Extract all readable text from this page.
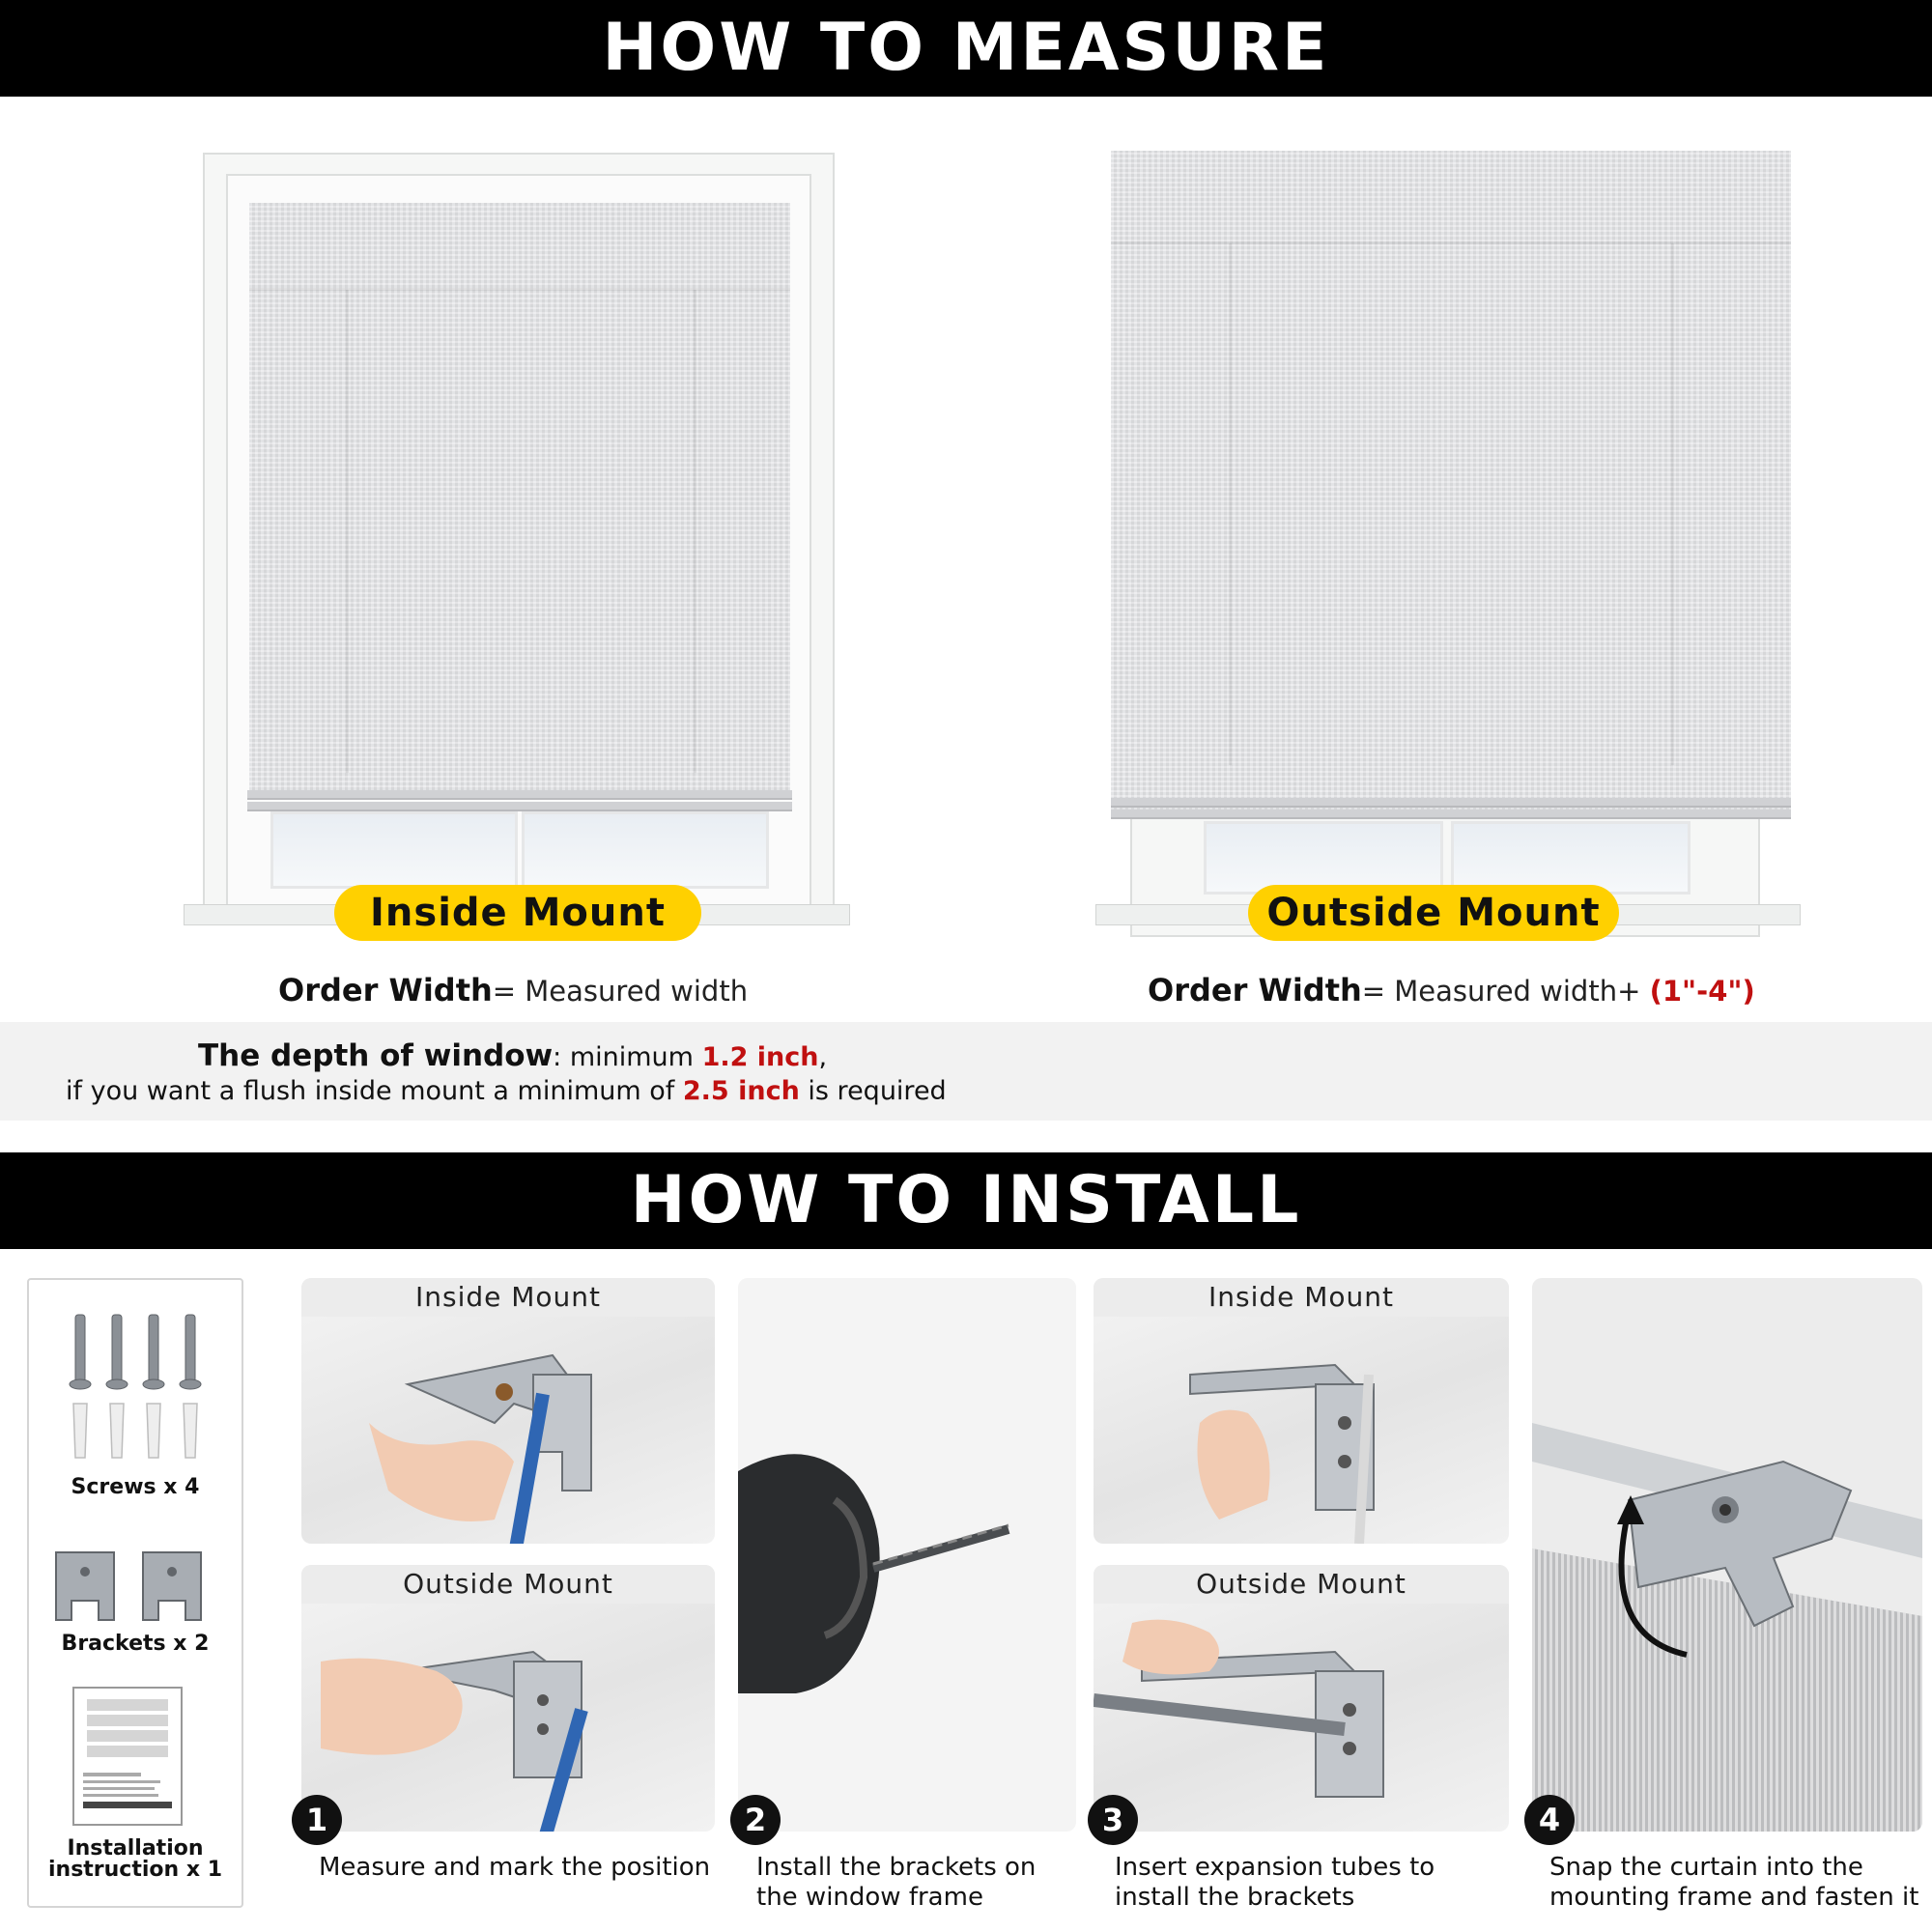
HOW TO MEASURE
Inside Mount	Outside Mount
Order Width= Measured width	Order Width= Measured width+ (1"-4")
The depth of window: minimum 1.2 inch,
if you want a flush inside mount a minimum of 2.5 inch is required
HOW TO INSTALL
Screws x 4
Brackets x 2
Installation
instruction x 1
Inside Mount
Outside Mount
1
Measure and mark the position
2
Install the brackets on the window frame
Inside Mount
Outside Mount
3
Insert expansion tubes to install the brackets
4
Snap the curtain into the mounting frame and fasten it
